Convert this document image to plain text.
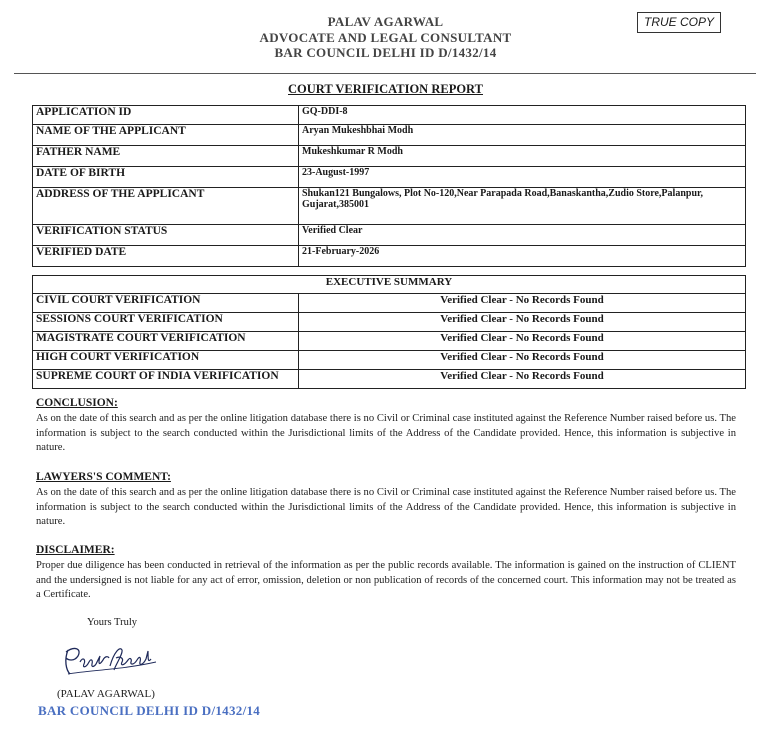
TRUE COPY
PALAV AGARWAL
ADVOCATE AND LEGAL CONSULTANT
BAR COUNCIL DELHI ID D/1432/14
COURT VERIFICATION REPORT
APPLICATION ID	GQ-DDI-8
NAME OF THE APPLICANT	Aryan Mukeshbhai Modh
FATHER NAME	Mukeshkumar R Modh
DATE OF BIRTH	23-August-1997
ADDRESS OF THE APPLICANT	Shukan121 Bungalows, Plot No-120,Near Parapada Road,Banaskantha,Zudio Store,Palanpur, Gujarat,385001
VERIFICATION STATUS	Verified Clear
VERIFIED DATE	21-February-2026
EXECUTIVE SUMMARY	
CIVIL COURT VERIFICATION	Verified Clear - No Records Found
SESSIONS COURT VERIFICATION	Verified Clear - No Records Found
MAGISTRATE COURT VERIFICATION	Verified Clear - No Records Found
HIGH COURT VERIFICATION	Verified Clear - No Records Found
SUPREME COURT OF INDIA VERIFICATION	Verified Clear - No Records Found
CONCLUSION:

As on the date of this search and as per the online litigation database there is no Civil or Criminal case instituted against the Reference Number raised before us. The information is subject to the search conducted within the Jurisdictional limits of the Address of the Candidate provided. Hence, this information is subjective in nature.

LAWYERS'S COMMENT:

As on the date of this search and as per the online litigation database there is no Civil or Criminal case instituted against the Reference Number raised before us. The information is subject to the search conducted within the Jurisdictional limits of the Address of the Candidate provided. Hence, this information is subjective in nature.

DISCLAIMER:

Proper due diligence has been conducted in retrieval of the information as per the public records available. The information is gained on the instruction of CLIENT and the undersigned is not liable for any act of error, omission, deletion or non publication of records of the concerned court. This information may not be treated as a Certificate.

Yours Truly
(PALAV AGARWAL)
BAR COUNCIL DELHI ID D/1432/14
